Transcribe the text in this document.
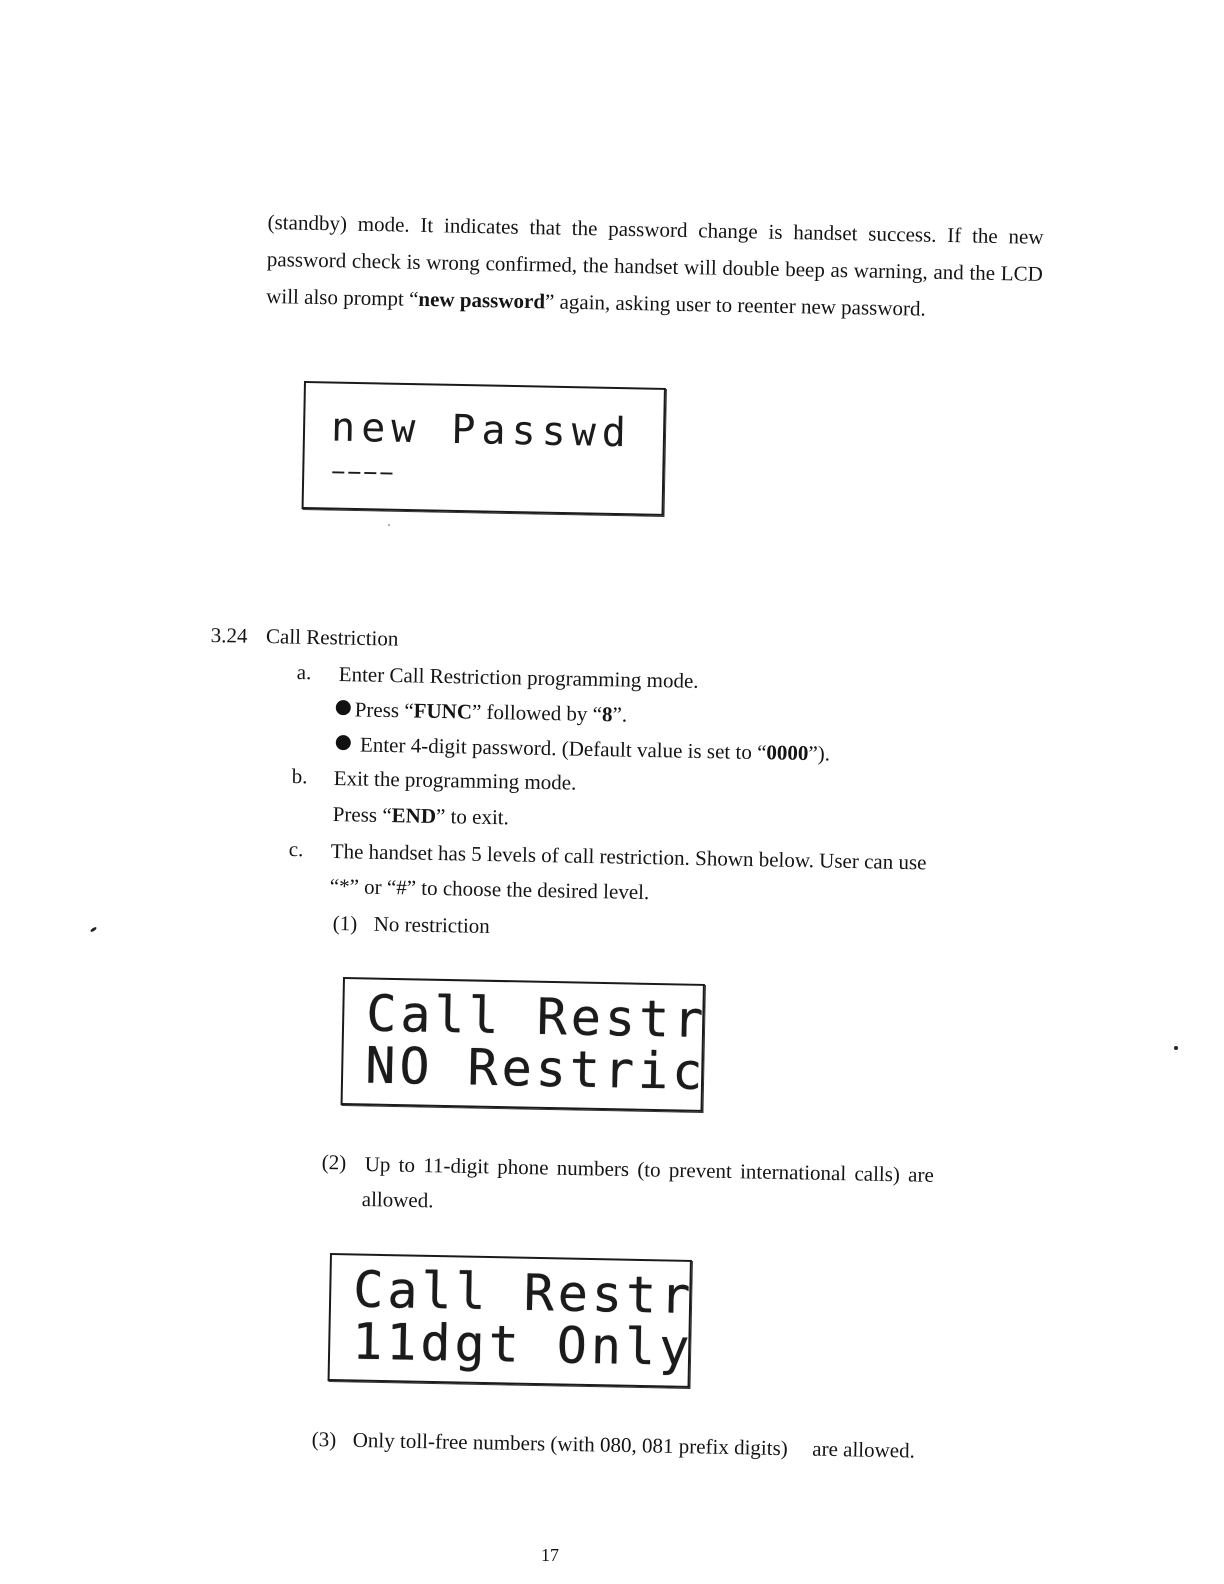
(standby) mode. It indicates that the password change is handset success. If the new password check is wrong confirmed, the handset will double beep as warning, and the LCD will also prompt “new password” again, asking user to reenter new password.
new Passwd
____
3.24 Call Restriction
a. Enter Call Restriction programming mode.
Press “FUNC” followed by “8”.
Enter 4-digit password. (Default value is set to “0000”).
b. Exit the programming mode.
Press “END” to exit.
c. The handset has 5 levels of call restriction. Shown below. User can use
“*” or “#” to choose the desired level.
(1) No restriction
Call Restr
NO Restric
(2) Up to 11-digit phone numbers (to prevent international calls) are
allowed.
Call Restr
11dgt Only
(3) Only toll-free numbers (with 080, 081 prefix digits) are allowed.
17
